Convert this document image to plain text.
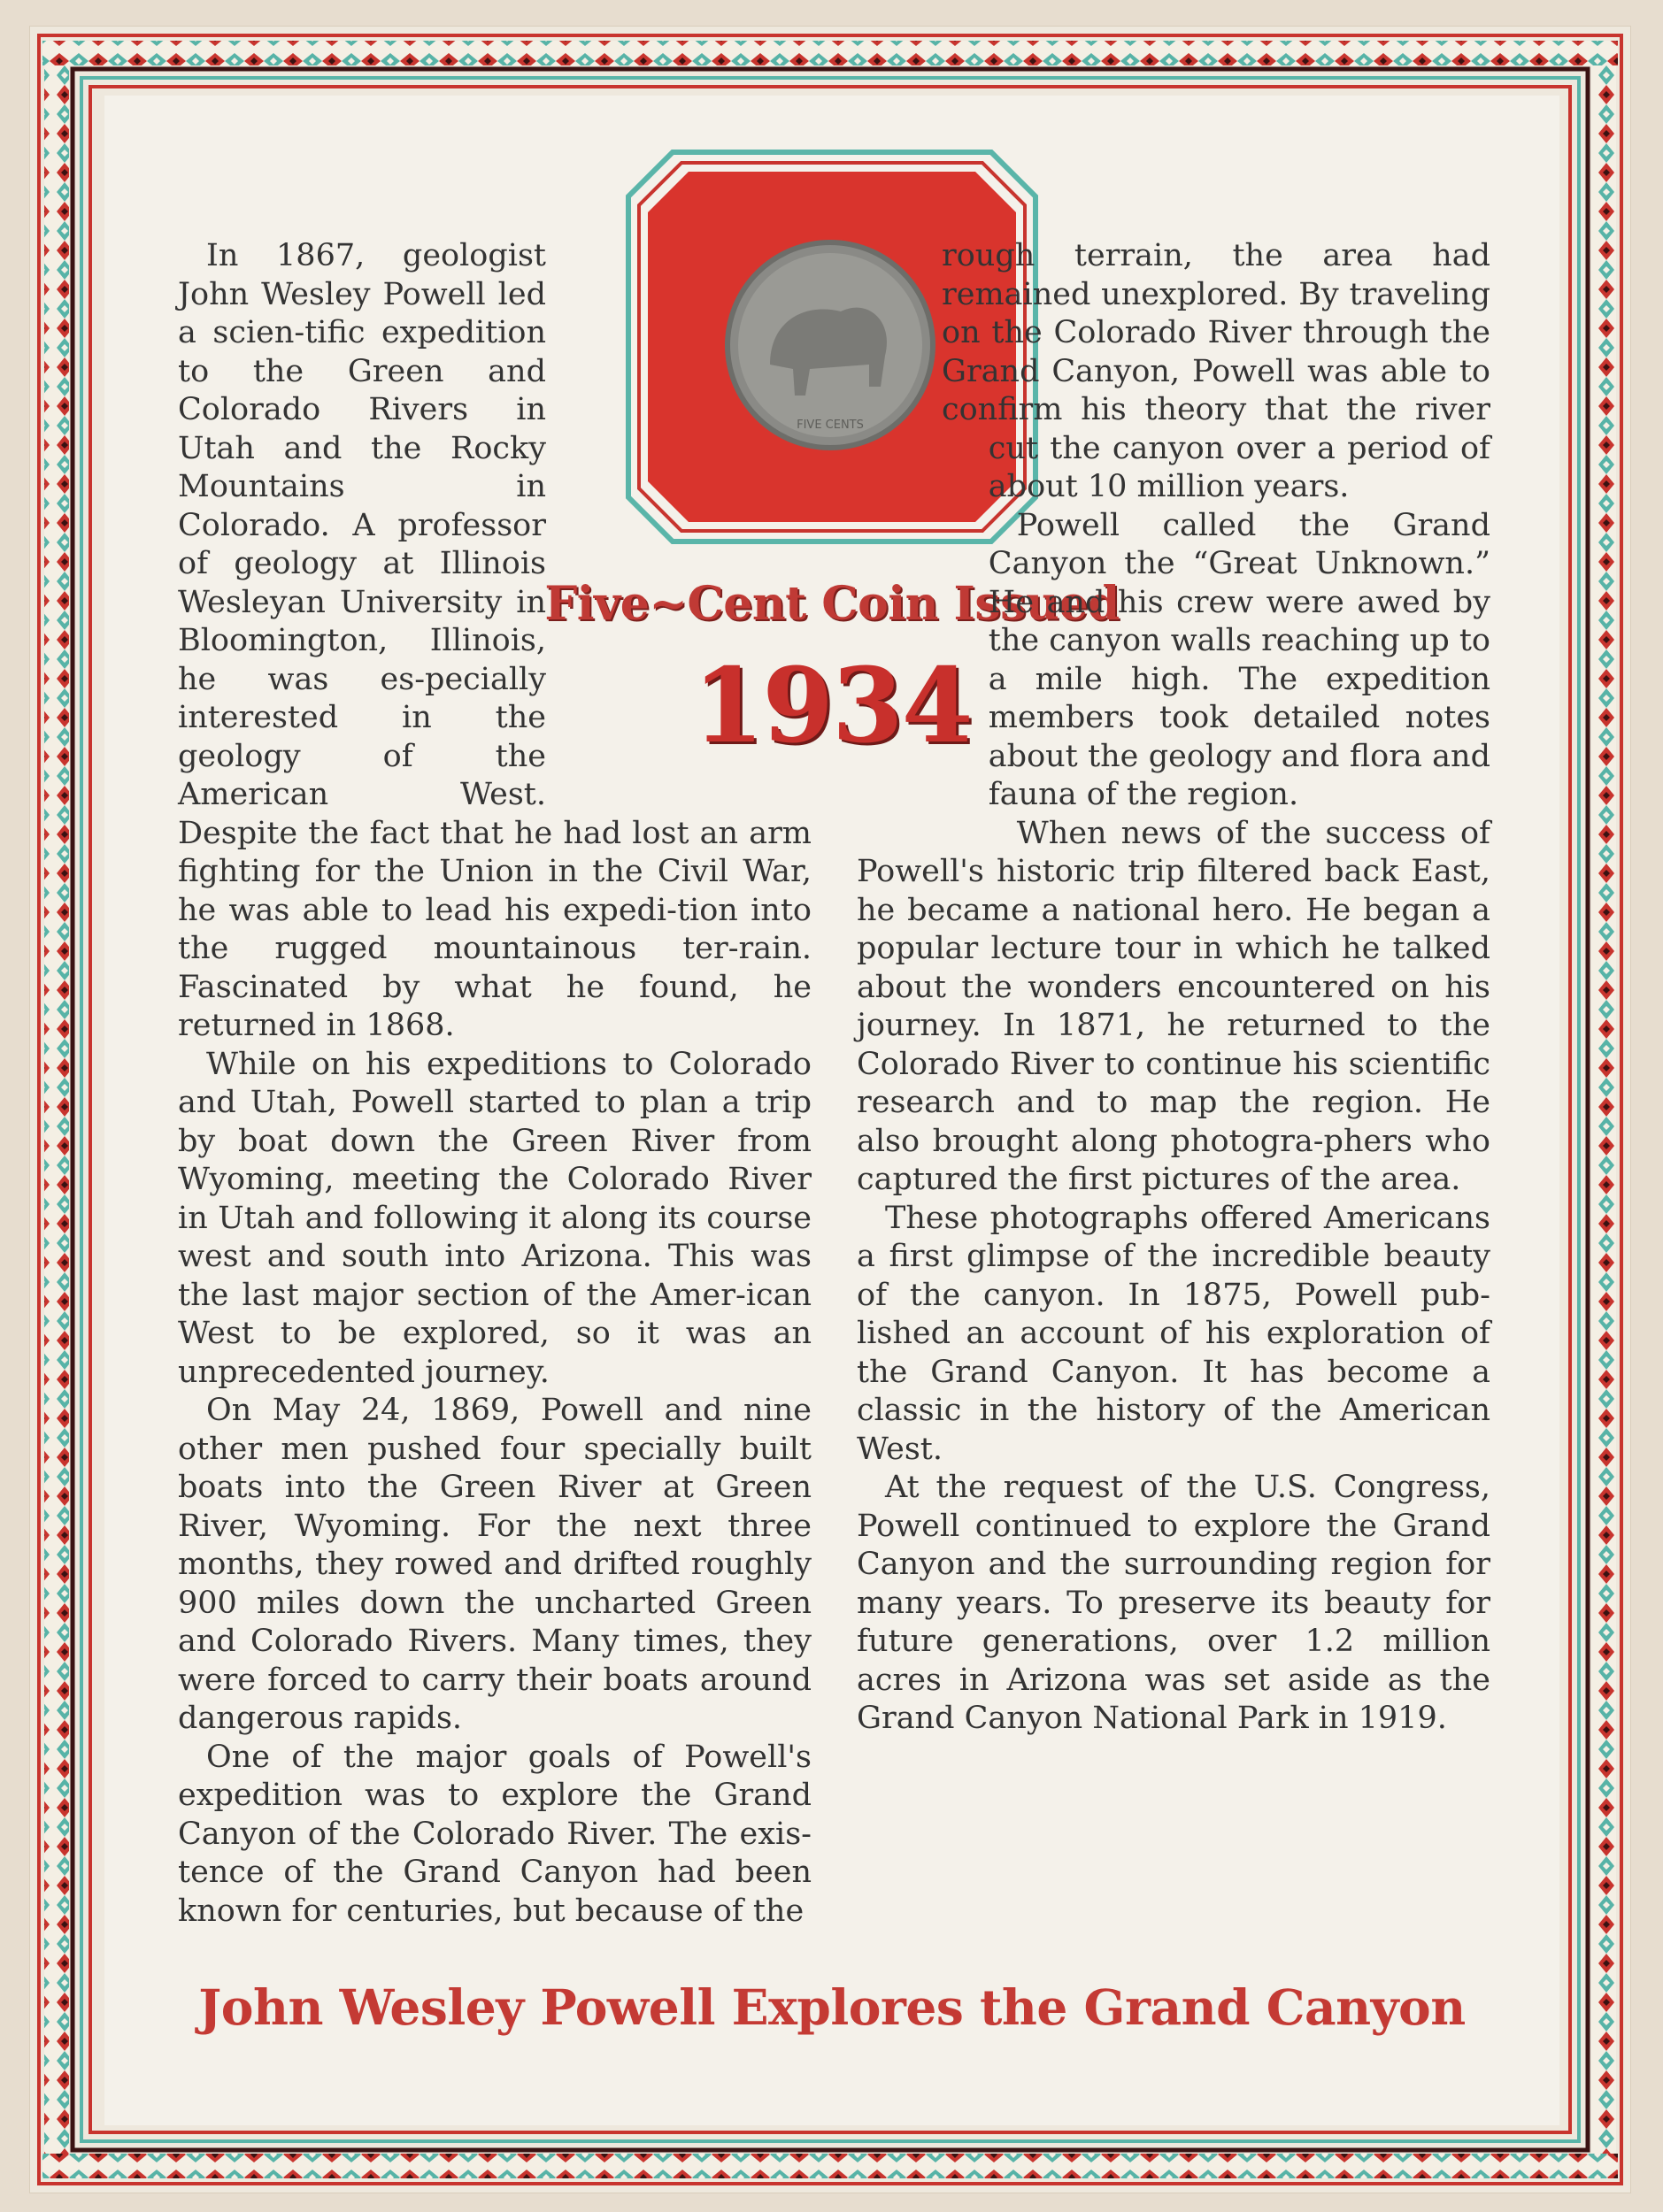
FIVE CENTS
Five~Cent Coin Issued
1934

In 1867, geologist John Wesley Powell led a scien-tific expedition to the Green and Colorado Rivers in Utah and the Rocky Mountains in Colorado. A professor of geology at Illinois Wesleyan University in Bloomington, Illinois, he was es-pecially interested in the geology of the American West. Despite the fact that he had lost an arm fighting for the Union in the Civil War, he was able to lead his expedi-tion into the rugged mountainous ter-rain. Fascinated by what he found, he returned in 1868.

While on his expeditions to Colorado and Utah, Powell started to plan a trip by boat down the Green River from Wyoming, meeting the Colorado River in Utah and following it along its course west and south into Arizona. This was the last major section of the Amer-ican West to be explored, so it was an unprecedented journey.

On May 24, 1869, Powell and nine other men pushed four specially built boats into the Green River at Green River, Wyoming. For the next three months, they rowed and drifted roughly 900 miles down the uncharted Green and Colorado Rivers. Many times, they were forced to carry their boats around dangerous rapids.

One of the major goals of Powell's expedition was to explore the Grand Canyon of the Colorado River. The exis-tence of the Grand Canyon had been known for centuries, but because of the

rough terrain, the area had remained unexplored. By traveling on the Colorado River through the Grand Canyon, Powell was able to confirm his theory that the river cut the canyon over a period of about 10 million years.

Powell called the Grand Canyon the “Great Unknown.” He and his crew were awed by the canyon walls reaching up to a mile high. The expedition members took detailed notes about the geology and flora and fauna of the region.

When news of the success of Powell's historic trip filtered back East, he became a national hero. He began a popular lecture tour in which he talked about the wonders encountered on his journey. In 1871, he returned to the Colorado River to continue his scientific research and to map the region. He also brought along photogra-phers who captured the first pictures of the area.

These photographs offered Americans a first glimpse of the incredible beauty of the canyon. In 1875, Powell pub-lished an account of his exploration of the Grand Canyon. It has become a classic in the history of the American West.

At the request of the U.S. Congress, Powell continued to explore the Grand Canyon and the surrounding region for many years. To preserve its beauty for future generations, over 1.2 million acres in Arizona was set aside as the Grand Canyon National Park in 1919.

John Wesley Powell Explores the Grand Canyon
